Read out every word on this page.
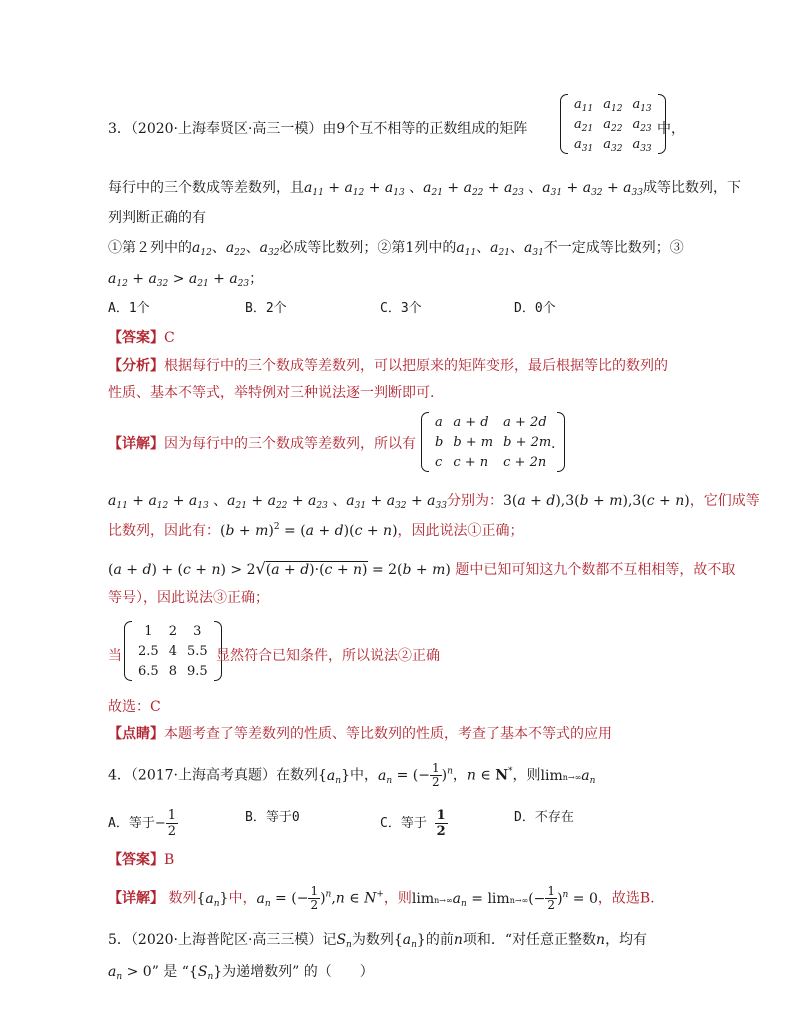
3．（2020·上海奉贤区·高三一模）由9个互不相等的正数组成的矩阵
$a_{11}$	$a_{12}$	$a_{13}$
$a_{21}$	$a_{22}$	$a_{23}$
$a_{31}$	$a_{32}$	$a_{33}$
中，
每行中的三个数成等差数列，且$a_{11} + a_{12} + a_{13}$ 、$a_{21} + a_{22} + a_{23}$ 、$a_{31} + a_{32} + a_{33}$成等比数列，下
列判断正确的有
①第２列中的$a_{12}$、$a_{22}$、$a_{32}$必成等比数列；②第1列中的$a_{11}$、$a_{21}$、$a_{31}$不一定成等比数列；③
$a_{12} + a_{32} > a_{21} + a_{23}$；
A．1个	B．2个	C．3个	D．0个
【答案】C
【分析】根据每行中的三个数成等差数列，可以把原来的矩阵变形，最后根据等比的数列的
性质、基本不等式，举特例对三种说法逐一判断即可.
【详解】因为每行中的三个数成等差数列，所以有
a	a + d	a + 2d
b	b + m	b + 2m
c	c + n	c + 2n
.
$a_{11} + a_{12} + a_{13}$ 、$a_{21} + a_{22} + a_{23}$ 、$a_{31} + a_{32} + a_{33}$分别为：3(a + d),3(b + m),3(c + n)，它们成等
比数列，因此有：$(b + m)^2 = (a + d)(c + n)$，因此说法①正确；
(a + d) + (c + n) > 2√(a + d)·(c + n) = 2(b + m) 题中已知可知这九个数都不互相相等，故不取
等号），因此说法③正确；
当
1	2	3
2.5	4	5.5
6.5	8	9.5
显然符合已知条件，所以说法②正确
故选：C
【点睛】本题考查了等差数列的性质、等比数列的性质，考查了基本不等式的应用
4．（2017·上海高考真题）在数列$\{a_n\}$中，$a_n$ = (− $\frac{1}{2} )^n$，n ∈ N*，则$\lim n\to\infty a_n$
A．等于− $\frac{1}{2}$	B．等于0	C．等于 $\frac{1}{2}$	D．不存在
【答案】B
【详解】 数列$\{a_n\}$中，$a_n$ = (− $\frac{1}{2} )^n,n$ ∈ N+，则$\lim n\to\infty a_n = \lim n\to\infty(- \frac{1}{2} )^n = 0$，故选B.
5．（2020·上海普陀区·高三三模）记$S_n$为数列$\{a_n\}$的前n项和．“对任意正整数n，均有
$a_n > 0$” 是 “$\{S_n\}$为递增数列” 的（　　）
